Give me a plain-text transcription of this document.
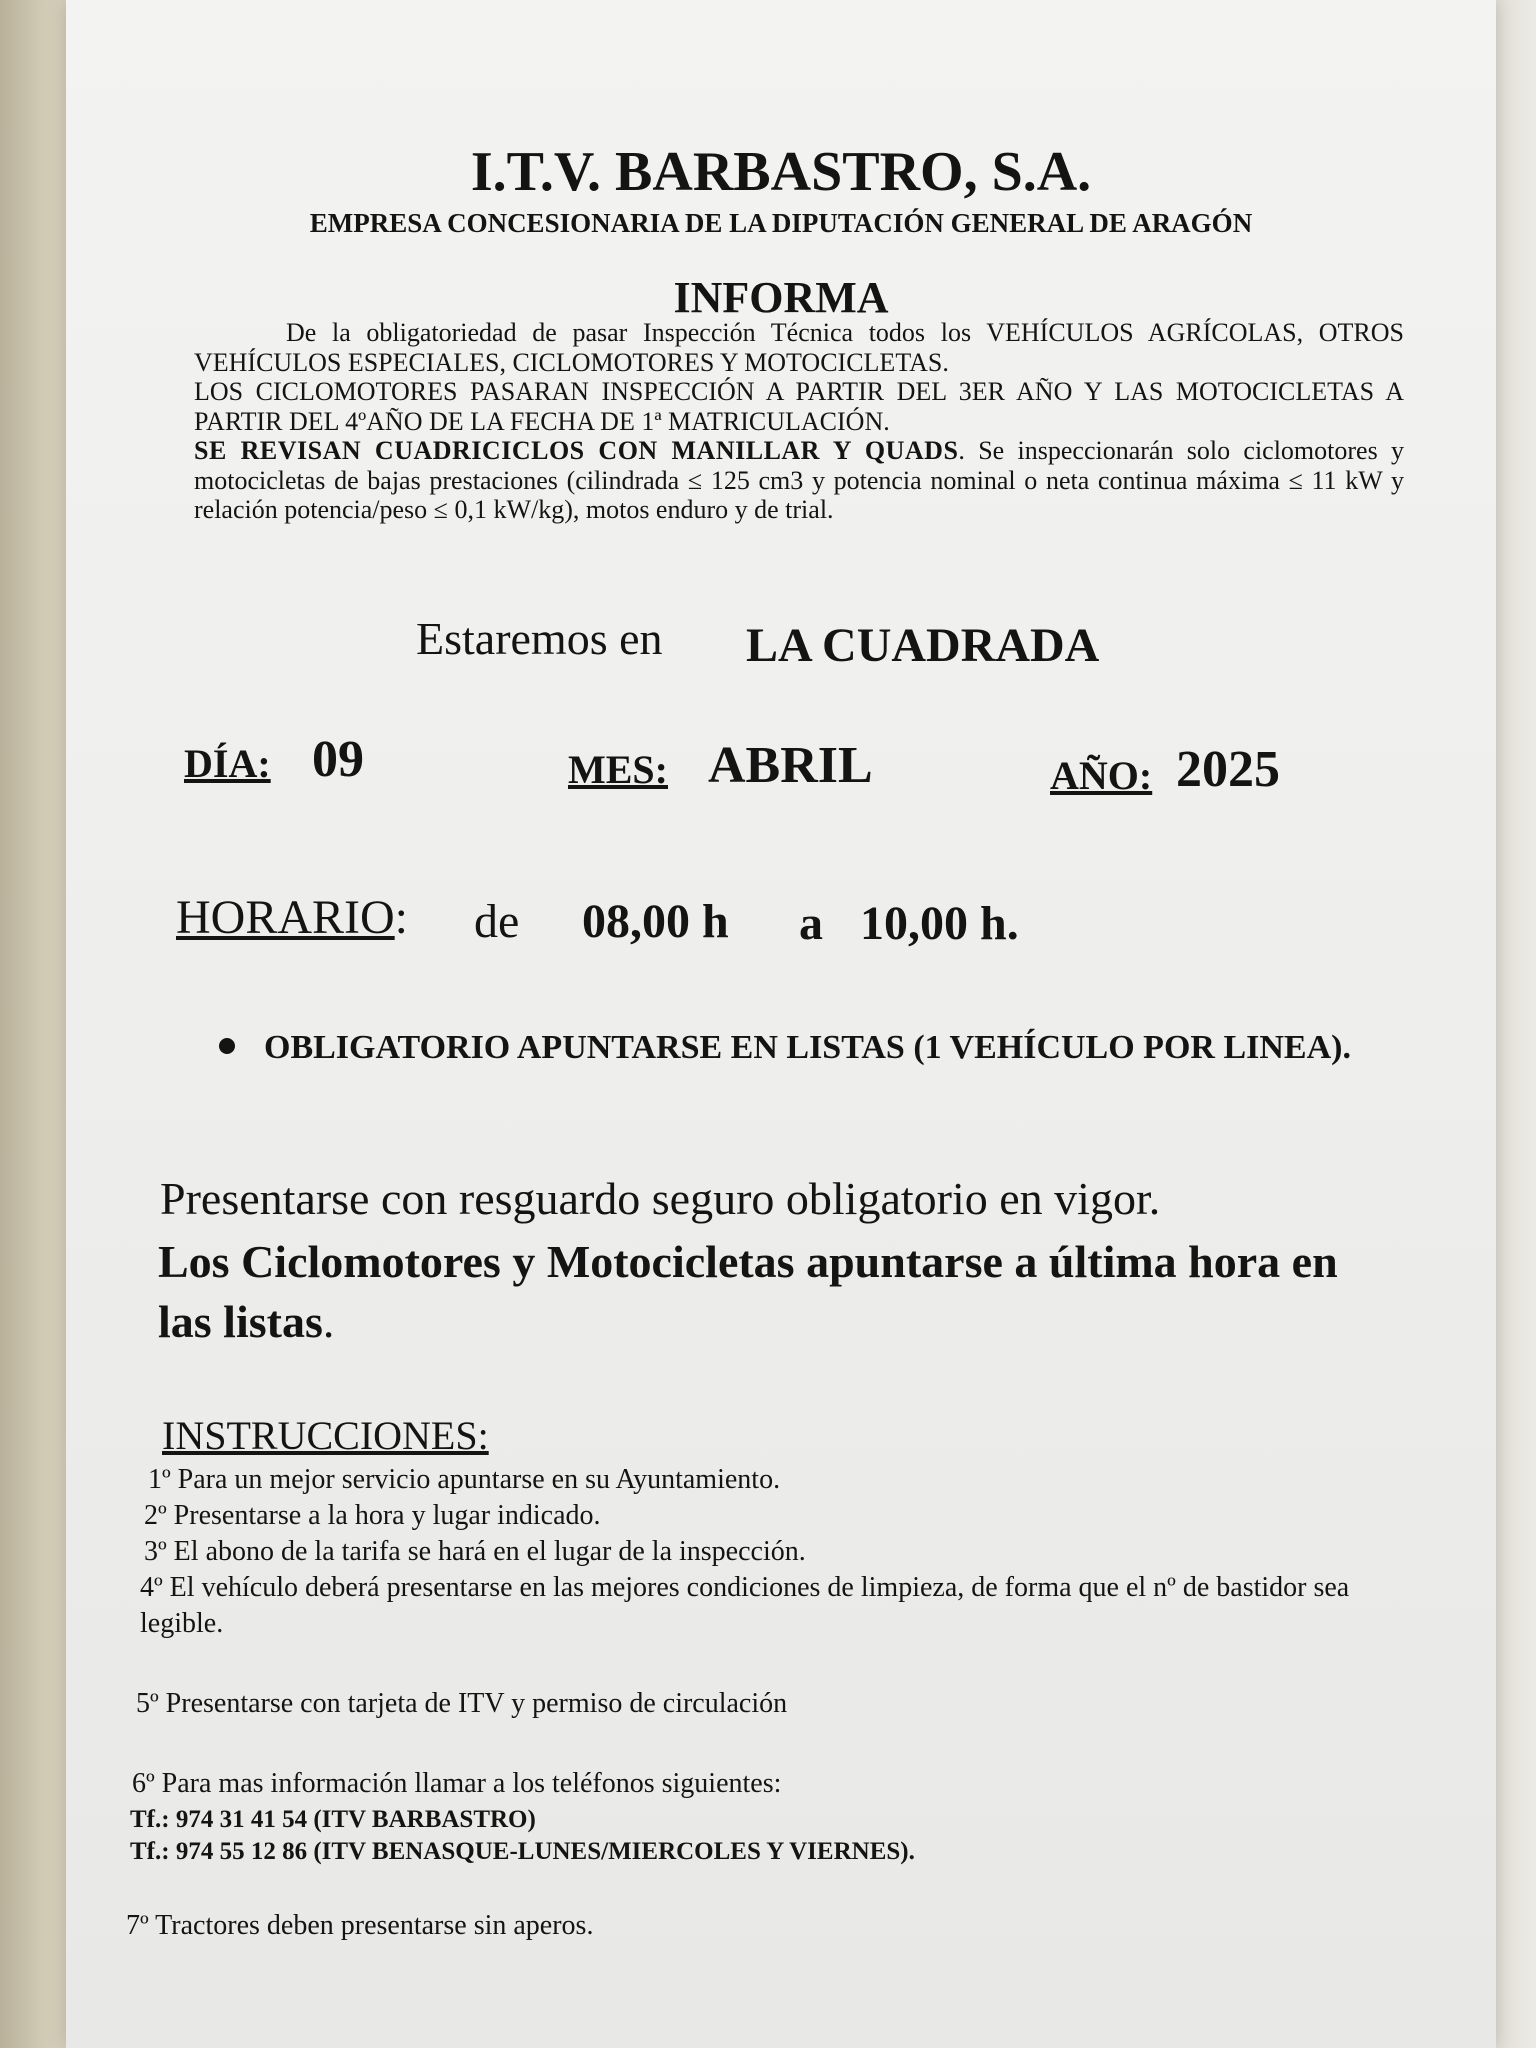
I.T.V. BARBASTRO, S.A.
EMPRESA CONCESIONARIA DE LA DIPUTACIÓN GENERAL DE ARAGÓN
INFORMA

De la obligatoriedad de pasar Inspección Técnica todos los VEHÍCULOS AGRÍCOLAS, OTROS VEHÍCULOS ESPECIALES, CICLOMOTORES Y MOTOCICLETAS.

LOS CICLOMOTORES PASARAN INSPECCIÓN A PARTIR DEL 3ER AÑO Y LAS MOTOCICLETAS A PARTIR DEL 4ºAÑO DE LA FECHA DE 1ª MATRICULACIÓN.

SE REVISAN CUADRICICLOS CON MANILLAR Y QUADS. Se inspeccionarán solo ciclomotores y motocicletas de bajas prestaciones (cilindrada ≤ 125 cm3 y potencia nominal o neta continua máxima ≤ 11 kW y relación potencia/peso ≤ 0,1 kW/kg), motos enduro y de trial.

Estaremos en LA CUADRADA
DÍA: 09	MES: ABRIL	AÑO: 2025
HORARIO: de 08,00 h a 10,00 h.
OBLIGATORIO APUNTARSE EN LISTAS (1 VEHÍCULO POR LINEA).
Presentarse con resguardo seguro obligatorio en vigor.
Los Ciclomotores y Motocicletas apuntarse a última hora en las listas.
INSTRUCCIONES:
1º Para un mejor servicio apuntarse en su Ayuntamiento.
2º Presentarse a la hora y lugar indicado.
3º El abono de la tarifa se hará en el lugar de la inspección.
4º El vehículo deberá presentarse en las mejores condiciones de limpieza, de forma que el nº de bastidor sea legible.
5º Presentarse con tarjeta de ITV y permiso de circulación
6º Para mas información llamar a los teléfonos siguientes:
Tf.: 974 31 41 54 (ITV BARBASTRO)
Tf.: 974 55 12 86 (ITV BENASQUE-LUNES/MIERCOLES Y VIERNES).
7º Tractores deben presentarse sin aperos.
